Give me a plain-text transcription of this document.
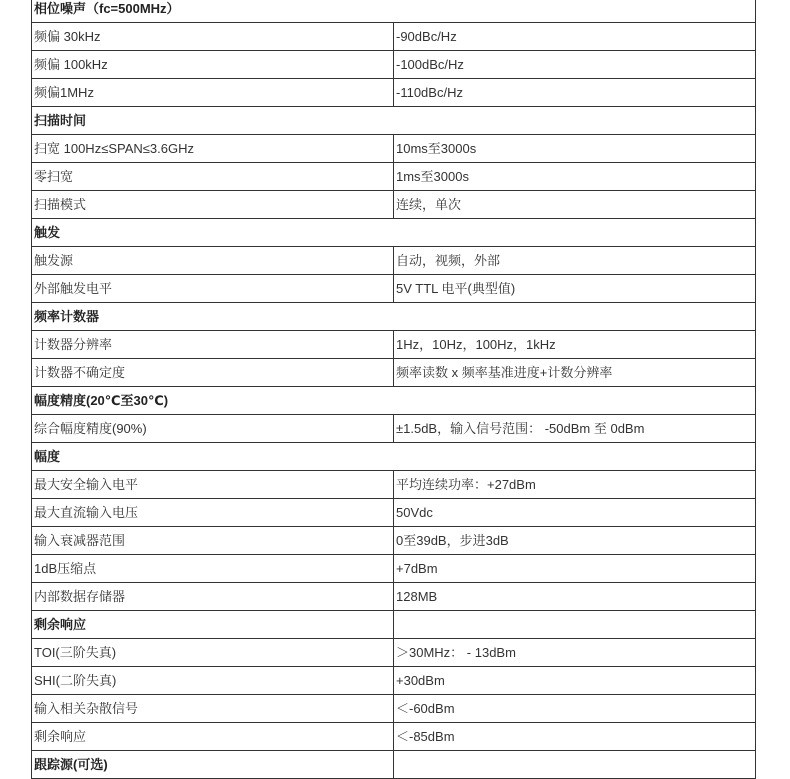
相位噪声（fc=500MHz）	
频偏 30kHz	-90dBc/Hz
频偏 100kHz	-100dBc/Hz
频偏1MHz	-110dBc/Hz
扫描时间	
扫宽 100Hz≤SPAN≤3.6GHz	10ms至3000s
零扫宽	1ms至3000s
扫描模式	连续，单次
触发	
触发源	自动，视频，外部
外部触发电平	5V TTL 电平(典型值)
频率计数器	
计数器分辨率	1Hz，10Hz，100Hz，1kHz
计数器不确定度	频率读数 x 频率基准进度+计数分辨率
幅度精度(20℃至30℃)	
综合幅度精度(90%)	±1.5dB，输入信号范围： -50dBm 至 0dBm
幅度	
最大安全输入电平	平均连续功率：+27dBm
最大直流输入电压	50Vdc
输入衰减器范围	0至39dB，步进3dB
1dB压缩点	+7dBm
内部数据存储器	128MB
剩余响应	
TOI(三阶失真)	＞30MHz： - 13dBm
SHI(二阶失真)	+30dBm
输入相关杂散信号	＜-60dBm
剩余响应	＜-85dBm
跟踪源(可选)	
